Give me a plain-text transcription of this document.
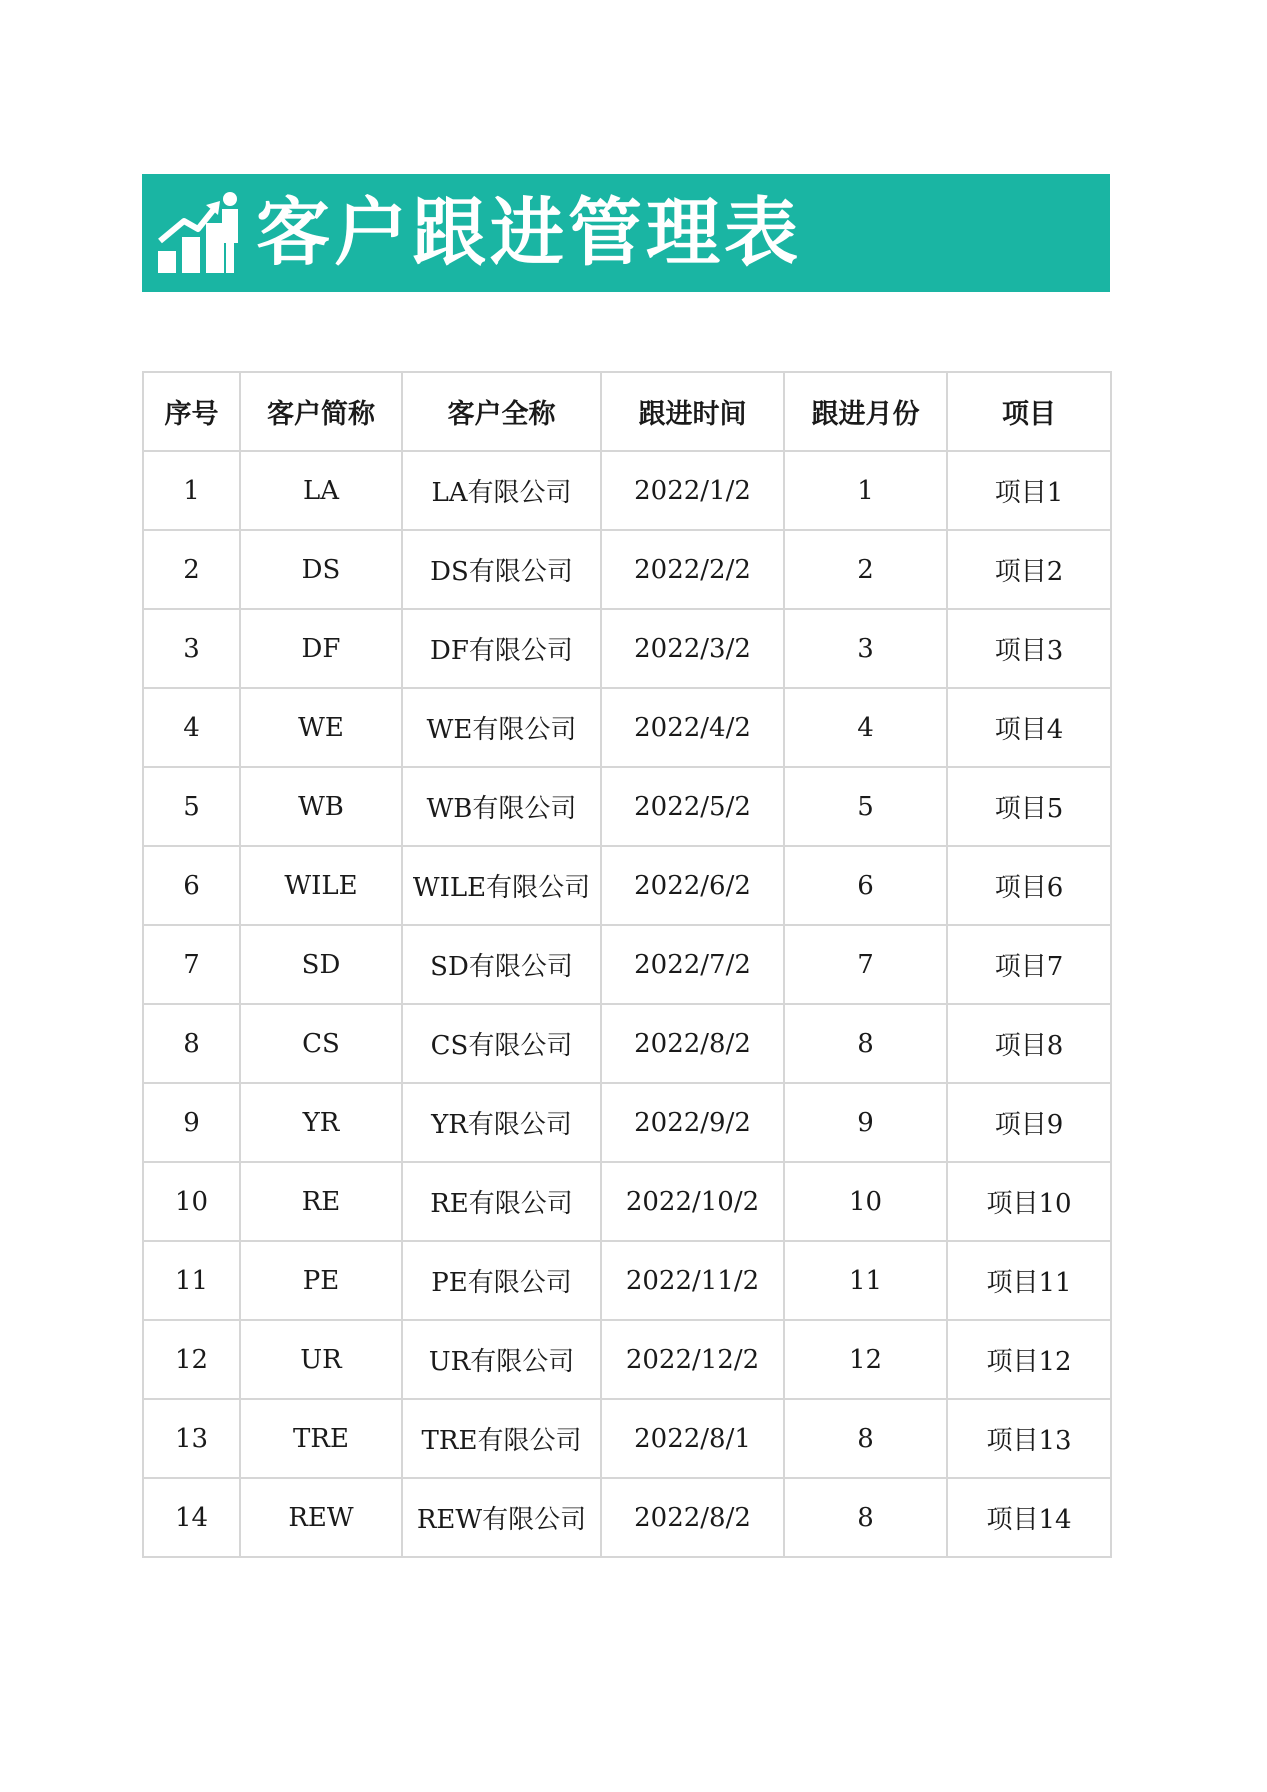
客户跟进管理表
序号	客户简称	客户全称	跟进时间	跟进月份	项目
1	LA	LA有限公司	2022/1/2	1	项目1
2	DS	DS有限公司	2022/2/2	2	项目2
3	DF	DF有限公司	2022/3/2	3	项目3
4	WE	WE有限公司	2022/4/2	4	项目4
5	WB	WB有限公司	2022/5/2	5	项目5
6	WILE	WILE有限公司	2022/6/2	6	项目6
7	SD	SD有限公司	2022/7/2	7	项目7
8	CS	CS有限公司	2022/8/2	8	项目8
9	YR	YR有限公司	2022/9/2	9	项目9
10	RE	RE有限公司	2022/10/2	10	项目10
11	PE	PE有限公司	2022/11/2	11	项目11
12	UR	UR有限公司	2022/12/2	12	项目12
13	TRE	TRE有限公司	2022/8/1	8	项目13
14	REW	REW有限公司	2022/8/2	8	项目14
